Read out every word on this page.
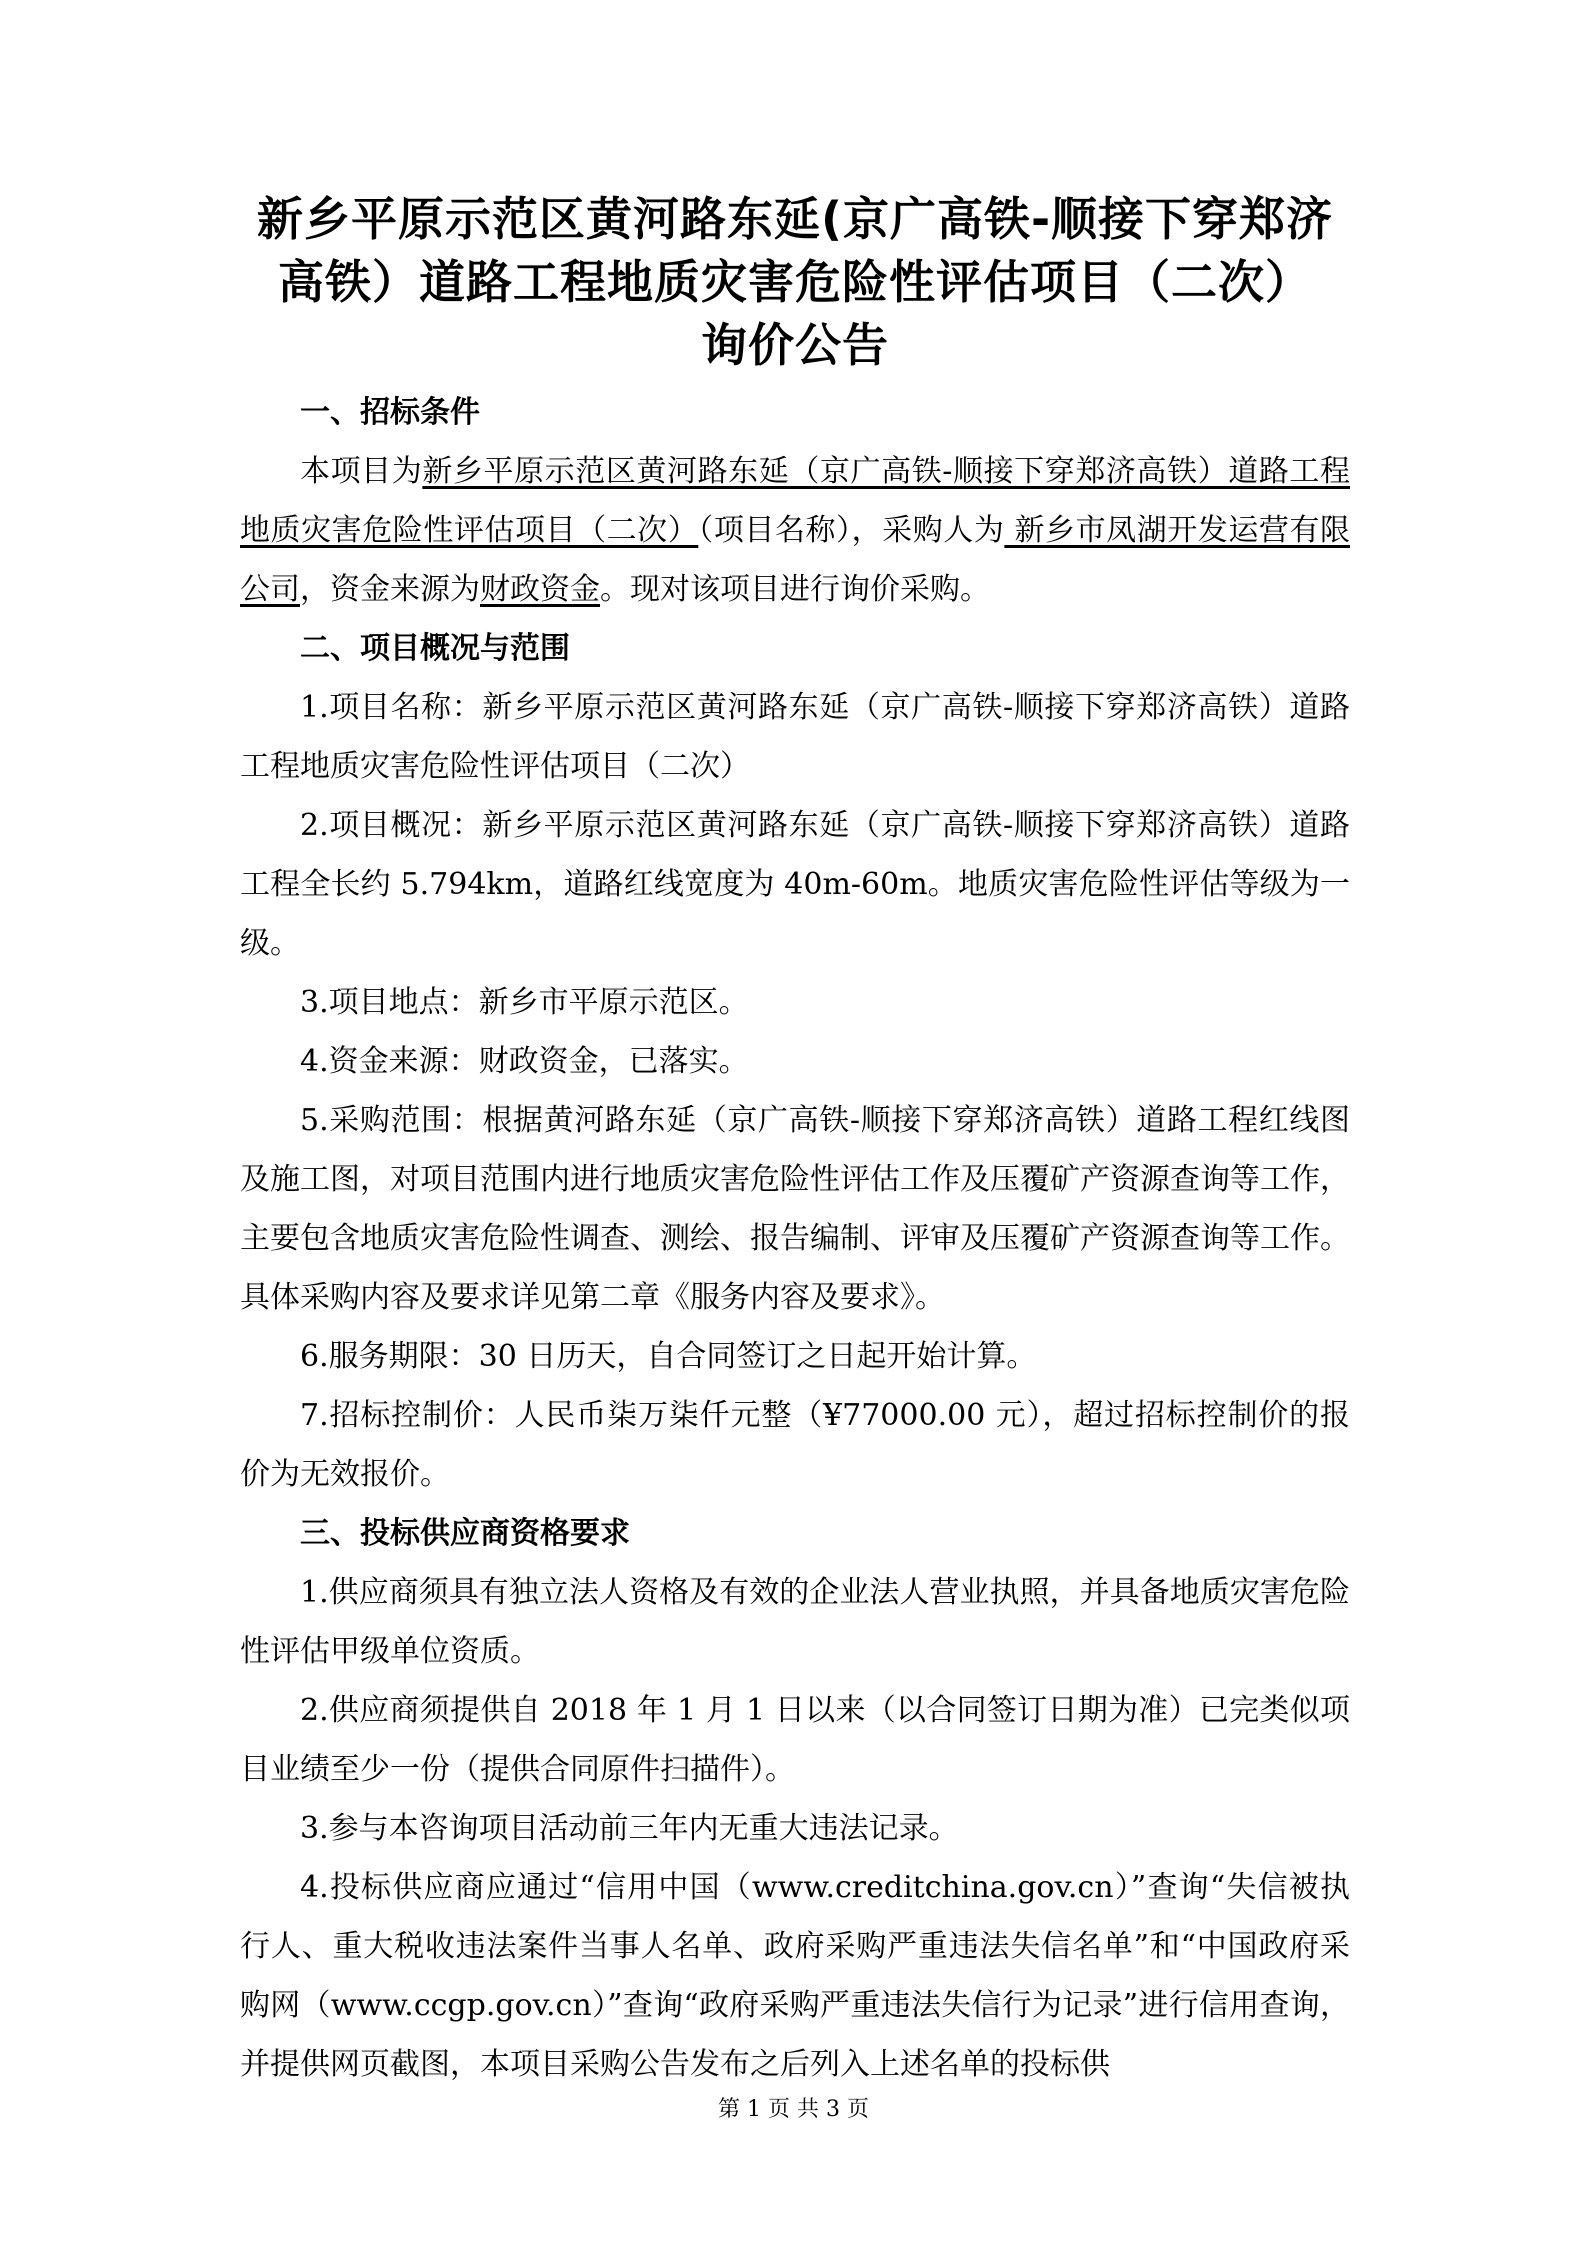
新乡平原示范区黄河路东延(京广高铁-顺接下穿郑济
高铁）道路工程地质灾害危险性评估项目（二次）
询价公告

一、招标条件

本项目为新乡平原示范区黄河路东延（京广高铁-顺接下穿郑济高铁）道路工程地质灾害危险性评估项目（二次）（项目名称），采购人为 新乡市凤湖开发运营有限公司，资金来源为财政资金。现对该项目进行询价采购。

二、项目概况与范围

1.项目名称：新乡平原示范区黄河路东延（京广高铁-顺接下穿郑济高铁）道路工程地质灾害危险性评估项目（二次）

2.项目概况：新乡平原示范区黄河路东延（京广高铁-顺接下穿郑济高铁）道路工程全长约 5.794km，道路红线宽度为 40m-60m。地质灾害危险性评估等级为一级。

3.项目地点：新乡市平原示范区。

4.资金来源：财政资金，已落实。

5.采购范围：根据黄河路东延（京广高铁-顺接下穿郑济高铁）道路工程红线图及施工图，对项目范围内进行地质灾害危险性评估工作及压覆矿产资源查询等工作，主要包含地质灾害危险性调查、测绘、报告编制、评审及压覆矿产资源查询等工作。具体采购内容及要求详见第二章《服务内容及要求》。

6.服务期限：30 日历天，自合同签订之日起开始计算。

7.招标控制价：人民币柒万柒仟元整（¥77000.00 元），超过招标控制价的报价为无效报价。

三、投标供应商资格要求

1.供应商须具有独立法人资格及有效的企业法人营业执照，并具备地质灾害危险性评估甲级单位资质。

2.供应商须提供自 2018 年 1 月 1 日以来（以合同签订日期为准）已完类似项目业绩至少一份（提供合同原件扫描件）。

3.参与本咨询项目活动前三年内无重大违法记录。

4.投标供应商应通过“信用中国（www.creditchina.gov.cn）”查询“失信被执行人、重大税收违法案件当事人名单、政府采购严重违法失信名单”和“中国政府采购网（www.ccgp.gov.cn）”查询“政府采购严重违法失信行为记录”进行信用查询，并提供网页截图，本项目采购公告发布之后列入上述名单的投标供

第 1 页 共 3 页
